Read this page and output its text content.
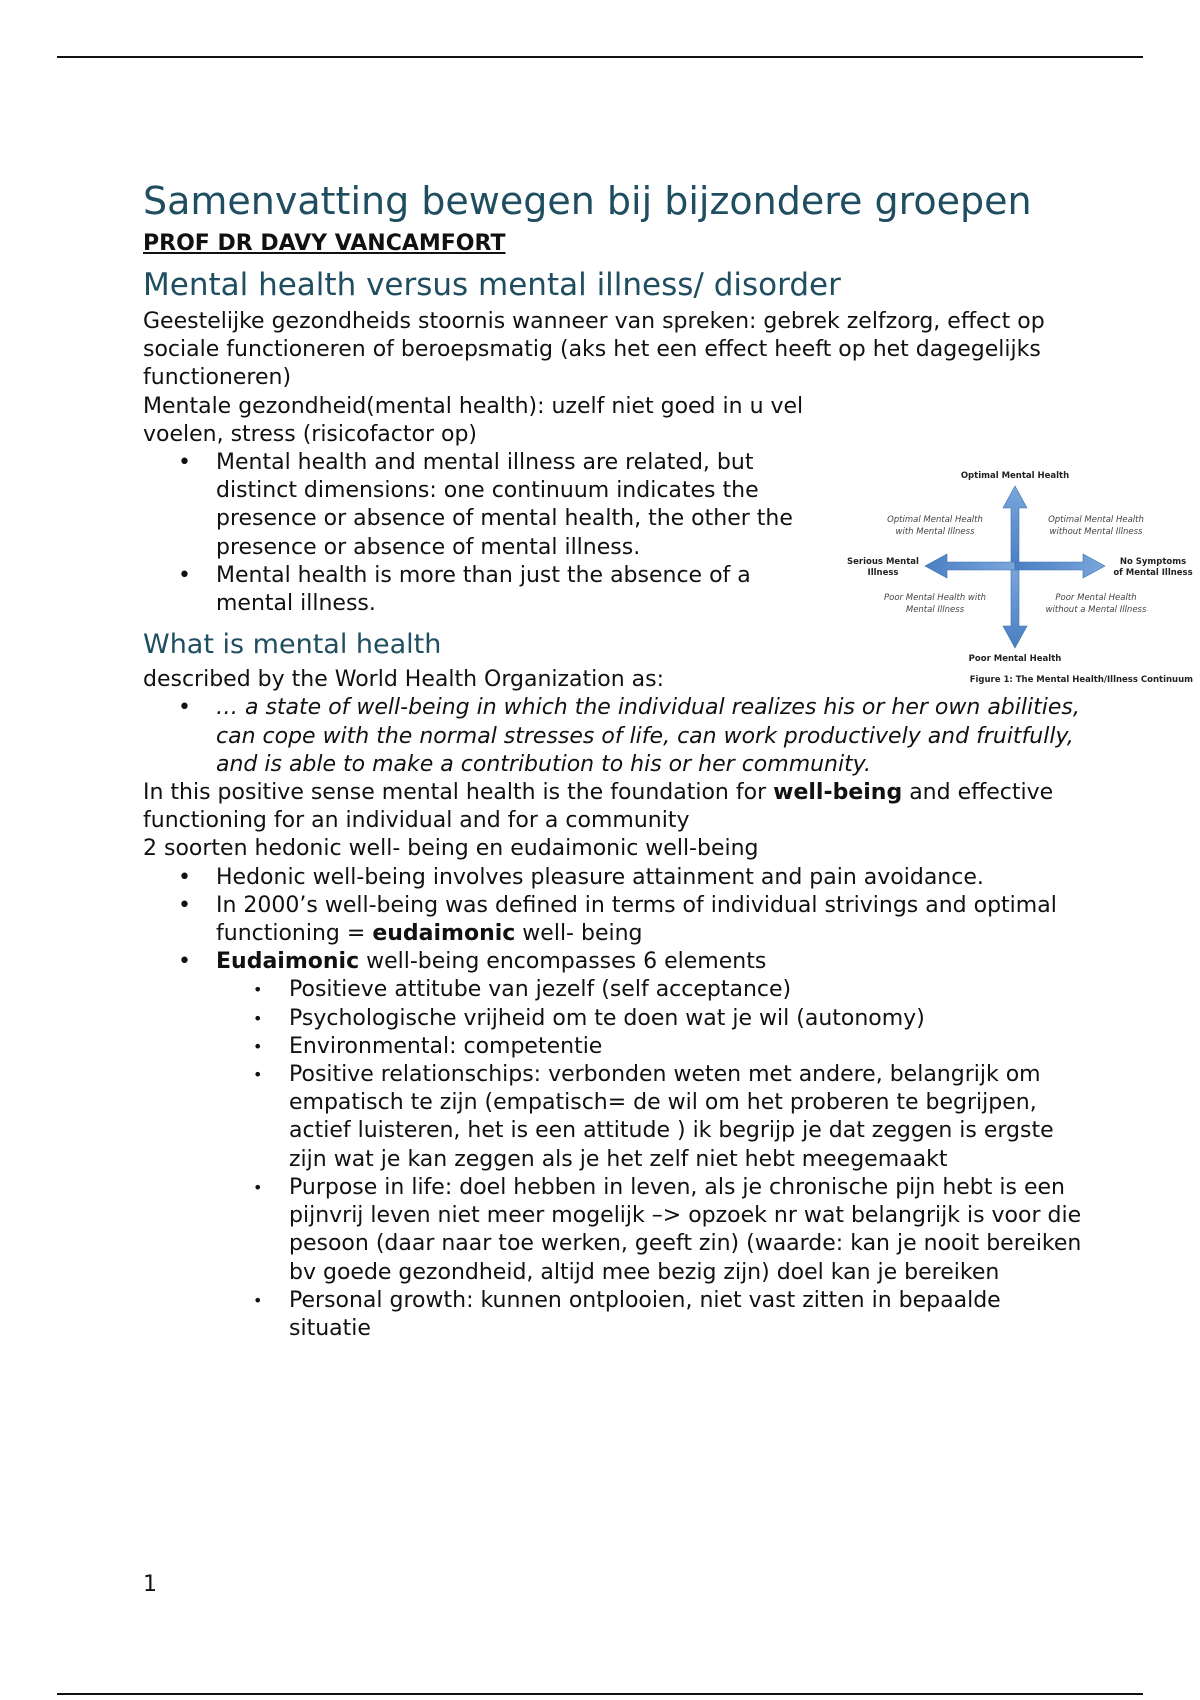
Samenvatting bewegen bij bijzondere groepen
PROF DR DAVY VANCAMFORT
Mental health versus mental illness/ disorder

Geestelijke gezondheids stoornis wanneer van spreken: gebrek zelfzorg, effect op sociale functioneren of beroepsmatig (aks het een effect heeft op het dagegelijks functioneren)

Mentale gezondheid(mental health): uzelf niet goed in u vel voelen, stress (risicofactor op)

• Mental health and mental illness are related, but distinct dimensions: one continuum indicates the presence or absence of mental health, the other the presence or absence of mental illness.
• Mental health is more than just the absence of a mental illness.
What is mental health

described by the World Health Organization as:

• … a state of well-being in which the individual realizes his or her own abilities, can cope with the normal stresses of life, can work productively and fruitfully, and is able to make a contribution to his or her community.

In this positive sense mental health is the foundation for well-being and effective functioning for an individual and for a community

2 soorten hedonic well- being en eudaimonic well-being

• Hedonic well-being involves pleasure attainment and pain avoidance.
• In 2000’s well-being was defined in terms of individual strivings and optimal functioning = eudaimonic well- being
• Eudaimonic well-being encompasses 6 elements
• Positieve attitube van jezelf (self acceptance)
• Psychologische vrijheid om te doen wat je wil (autonomy)
• Environmental: competentie
• Positive relationschips: verbonden weten met andere, belangrijk om empatisch te zijn (empatisch= de wil om het proberen te begrijpen, actief luisteren, het is een attitude ) ik begrijp je dat zeggen is ergste zijn wat je kan zeggen als je het zelf niet hebt meegemaakt
• Purpose in life: doel hebben in leven, als je chronische pijn hebt is een pijnvrij leven niet meer mogelijk –> opzoek nr wat belangrijk is voor die pesoon (daar naar toe werken, geeft zin) (waarde: kan je nooit bereiken bv goede gezondheid, altijd mee bezig zijn) doel kan je bereiken
• Personal growth: kunnen ontplooien, niet vast zitten in bepaalde situatie
Optimal Mental Health
Poor Mental Health
Serious Mental
Illness
No Symptoms
of Mental Illness
Optimal Mental Health
with Mental Illness
Optimal Mental Health
without Mental Illness
Poor Mental Health with
Mental Illness
Poor Mental Health
without a Mental Illness
Figure 1: The Mental Health/Illness Continuum
1
